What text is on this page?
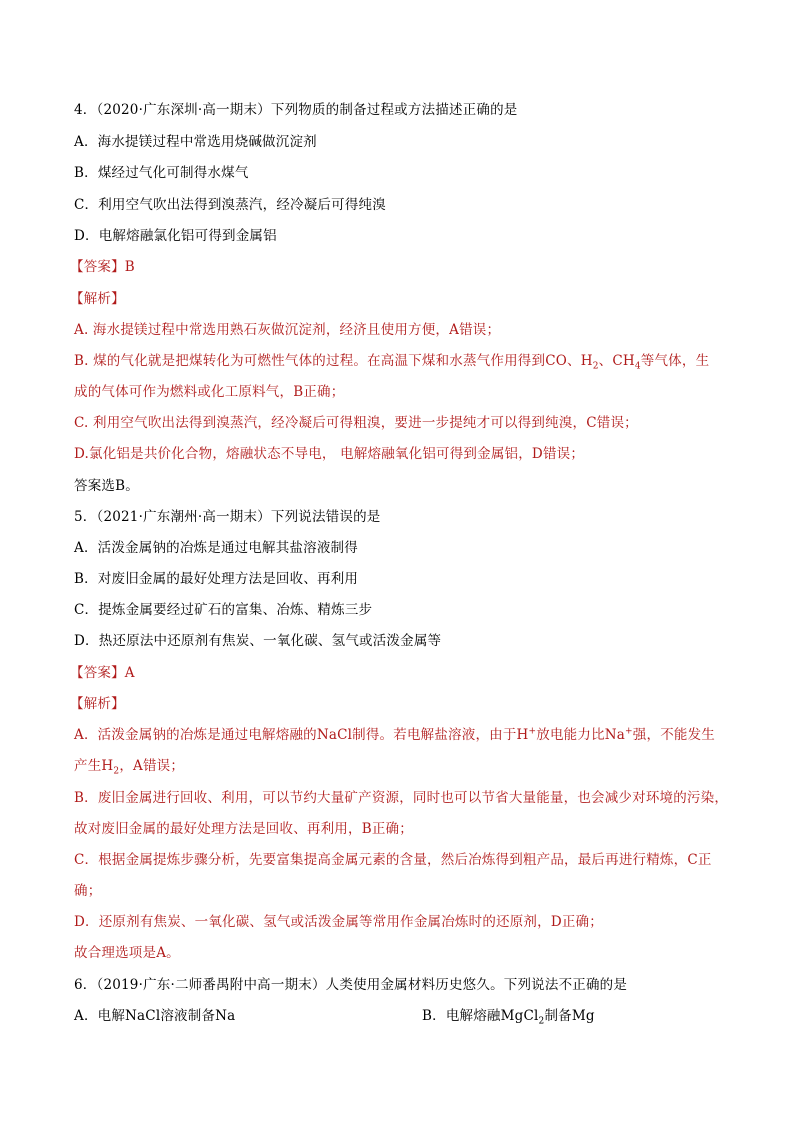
4．（2020·广东深圳·高一期末）下列物质的制备过程或方法描述正确的是
A．海水提镁过程中常选用烧碱做沉淀剂
B．煤经过气化可制得水煤气
C．利用空气吹出法得到溴蒸汽，经冷凝后可得纯溴
D．电解熔融氯化铝可得到金属铝
【答案】B
【解析】
A. 海水提镁过程中常选用熟石灰做沉淀剂，经济且使用方便，A错误；
B. 煤的气化就是把煤转化为可燃性气体的过程。在高温下煤和水蒸气作用得到CO、$H_2$、$CH_4$等气体，生
成的气体可作为燃料或化工原料气，B正确；
C. 利用空气吹出法得到溴蒸汽，经冷凝后可得粗溴，要进一步提纯才可以得到纯溴，C错误；
D.氯化铝是共价化合物，熔融状态不导电， 电解熔融氧化铝可得到金属铝，D错误；
答案选B。
5．（2021·广东潮州·高一期末）下列说法错误的是
A．活泼金属钠的冶炼是通过电解其盐溶液制得
B．对废旧金属的最好处理方法是回收、再利用
C．提炼金属要经过矿石的富集、冶炼、精炼三步
D．热还原法中还原剂有焦炭、一氧化碳、氢气或活泼金属等
【答案】A
【解析】
A．活泼金属钠的冶炼是通过电解熔融的NaCl制得。若电解盐溶液，由于H+放电能力比Na+强，不能发生
产生$H_2$，A错误；
B．废旧金属进行回收、利用，可以节约大量矿产资源，同时也可以节省大量能量，也会减少对环境的污染，
故对废旧金属的最好处理方法是回收、再利用，B正确；
C．根据金属提炼步骤分析，先要富集提高金属元素的含量，然后冶炼得到粗产品，最后再进行精炼，C正
确；
D．还原剂有焦炭、一氧化碳、氢气或活泼金属等常用作金属冶炼时的还原剂，D正确；
故合理选项是A。
6．（2019·广东·二师番禺附中高一期末）人类使用金属材料历史悠久。下列说法不正确的是
A．电解NaCl溶液制备Na	B．电解熔融MgCl$_2$制备Mg
